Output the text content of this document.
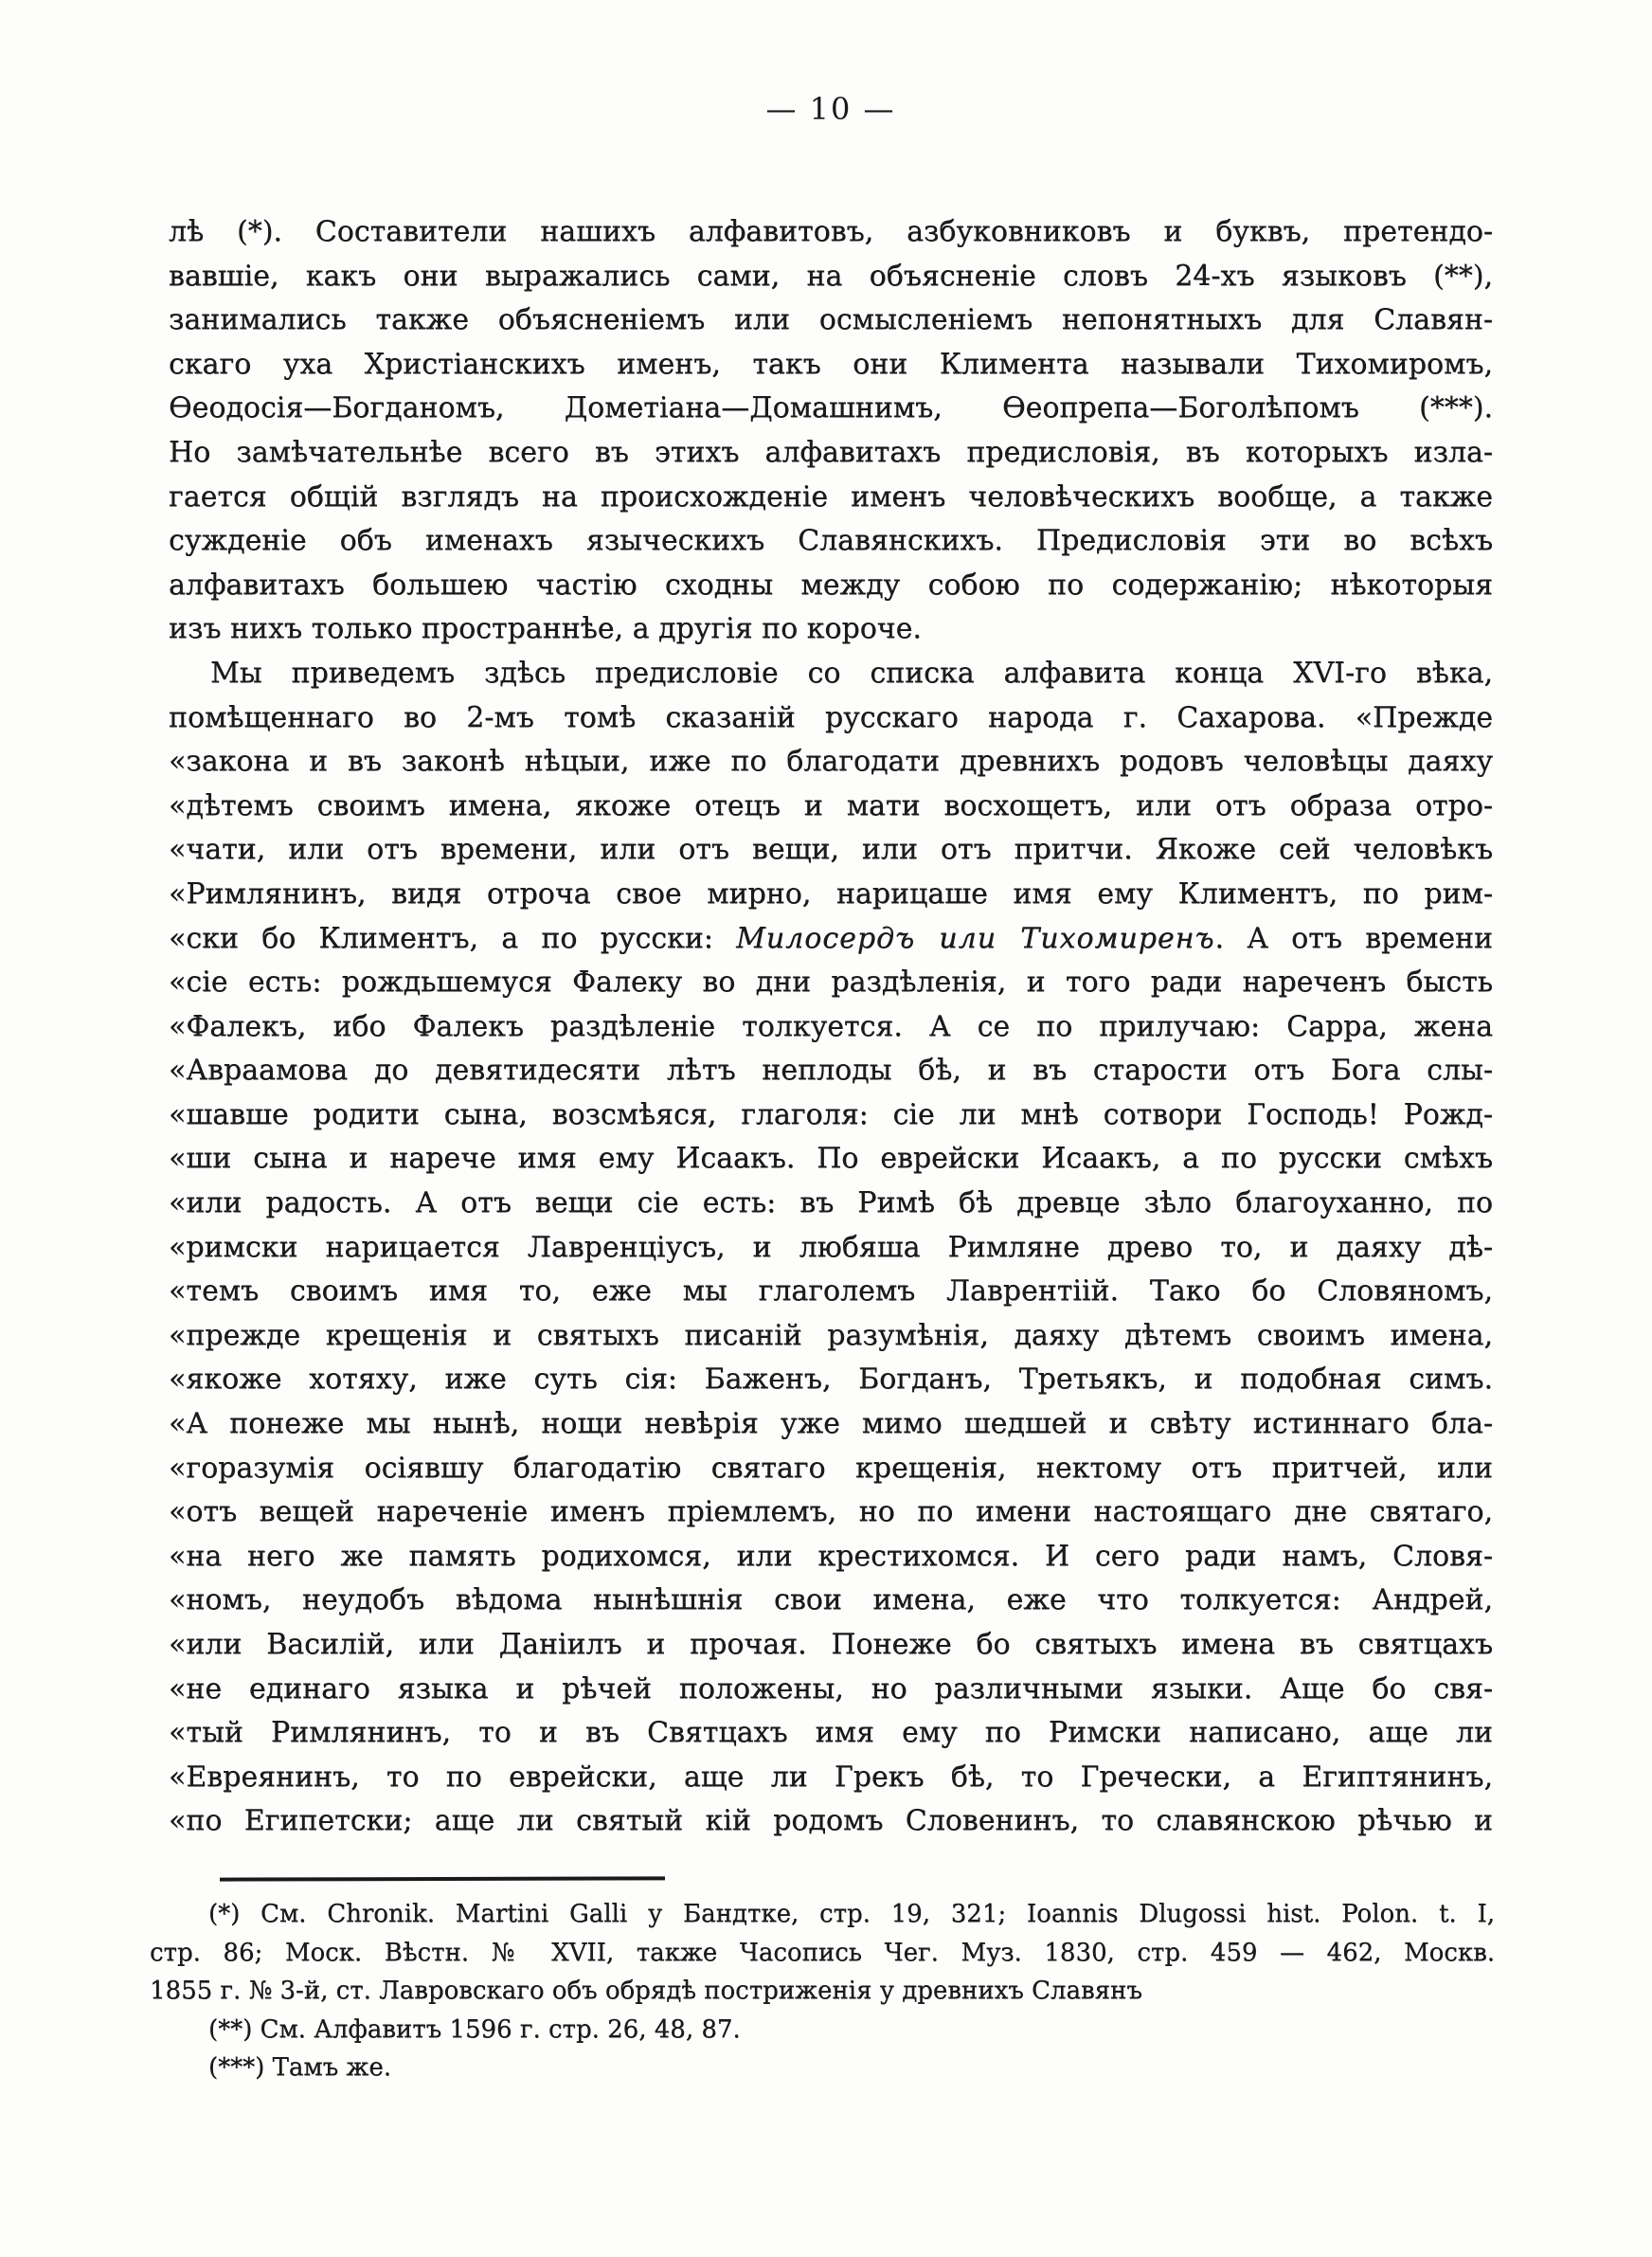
— 10 —
лѣ (*). Составители нашихъ алфавитовъ, азбуковниковъ и буквъ, претендо-
вавшіе, какъ они выражались сами, на объясненіе словъ 24-хъ языковъ (**),
занимались также объясненіемъ или осмысленіемъ непонятныхъ для Славян-
скаго уха Христіанскихъ именъ, такъ они Климента называли Тихомиромъ,
Ѳеодосія—Богданомъ, Дометіана—Домашнимъ, Ѳеопрепа—Боголѣпомъ (***).
Но замѣчательнѣе всего въ этихъ алфавитахъ предисловія, въ которыхъ изла-
гается общій взглядъ на происхожденіе именъ человѣческихъ вообще, а также
сужденіе объ именахъ языческихъ Славянскихъ. Предисловія эти во всѣхъ
алфавитахъ большею частію сходны между собою по содержанію; нѣкоторыя
изъ нихъ только пространнѣе, а другія по короче.
Мы приведемъ здѣсь предисловіе со списка алфавита конца XVI-го вѣка,
помѣщеннаго во 2-мъ томѣ сказаній русскаго народа г. Сахарова. «Прежде
«закона и въ законѣ нѣцыи, иже по благодати древнихъ родовъ человѣцы даяху
«дѣтемъ своимъ имена, якоже отецъ и мати восхощетъ, или отъ образа отро-
«чати, или отъ времени, или отъ вещи, или отъ притчи. Якоже сей человѣкъ
«Римлянинъ, видя отроча свое мирно, нарицаше имя ему Климентъ, по рим-
«ски бо Климентъ, а по русски: Милосердъ или Тихомиренъ. А отъ времени
«сіе есть: рождьшемуся Фалеку во дни раздѣленія, и того ради нареченъ бысть
«Фалекъ, ибо Фалекъ раздѣленіе толкуется. А се по прилучаю: Сарра, жена
«Авраамова до девятидесяти лѣтъ неплоды бѣ, и въ старости отъ Бога слы-
«шавше родити сына, возсмѣяся, глаголя: сіе ли мнѣ сотвори Господь! Рожд-
«ши сына и нарече имя ему Исаакъ. По еврейски Исаакъ, а по русски смѣхъ
«или радость. А отъ вещи сіе есть: въ Римѣ бѣ древце зѣло благоуханно, по
«римски нарицается Лавренціусъ, и любяша Римляне древо то, и даяху дѣ-
«темъ своимъ имя то, еже мы глаголемъ Лаврентіій. Тако бо Словяномъ,
«прежде крещенія и святыхъ писаній разумѣнія, даяху дѣтемъ своимъ имена,
«якоже хотяху, иже суть сія: Баженъ, Богданъ, Третьякъ, и подобная симъ.
«А понеже мы нынѣ, нощи невѣрія уже мимо шедшей и свѣту истиннаго бла-
«горазумія осіявшу благодатію святаго крещенія, нектому отъ притчей, или
«отъ вещей нареченіе именъ пріемлемъ, но по имени настоящаго дне святаго,
«на него же память родихомся, или крестихомся. И сего ради намъ, Словя-
«номъ, неудобъ вѣдома нынѣшнія свои имена, еже что толкуется: Андрей,
«или Василій, или Даніилъ и прочая. Понеже бо святыхъ имена въ святцахъ
«не единаго языка и рѣчей положены, но различными языки. Аще бо свя-
«тый Римлянинъ, то и въ Святцахъ имя ему по Римски написано, аще ли
«Евреянинъ, то по еврейски, аще ли Грекъ бѣ, то Гречески, а Египтянинъ,
«по Египетски; аще ли святый кій родомъ Словенинъ, то славянскою рѣчью и
(*) См. Chronik. Martini Galli у Бандтке, стр. 19, 321; Ioannis Dlugossi hist. Polon. t. I,
стр. 86; Моск. Вѣстн. № XVII, также Часопись Чег. Муз. 1830, стр. 459 — 462, Москв.
1855 г. № 3-й, ст. Лавровскаго объ обрядѣ постриженія у древнихъ Славянъ
(**) См. Алфавитъ 1596 г. стр. 26, 48, 87.
(***) Тамъ же.
